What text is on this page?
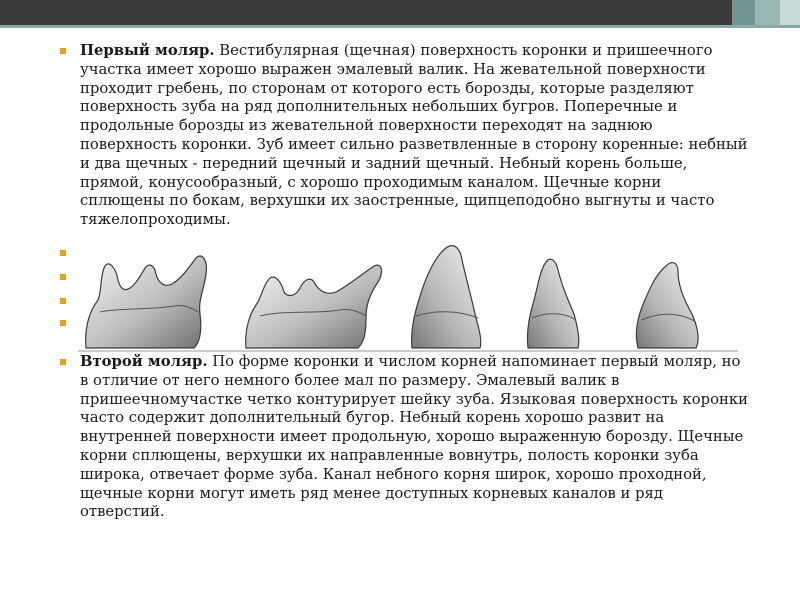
Первый моляр. Вестибулярная (щечная) поверхность коронки и пришеечного участка имеет хорошо выражен эмалевый валик. На жевательной поверхности проходит гребень, по сторонам от которого есть борозды, которые разделяют поверхность зуба на ряд дополнительных небольших бугров. Поперечные и продольные борозды из жевательной поверхности переходят на заднюю поверхность коронки. Зуб имеет сильно разветвленные в сторону коренные: небный и два щечных - передний щечный и задний щечный. Небный корень больше, прямой, конусообразный, с хорошо проходимым каналом. Щечные корни сплющены по бокам, верхушки их заостренные, щипцеподобно выгнуты и часто тяжелопроходимы.

Второй моляр. По форме коронки и числом корней напоминает первый моляр, но в отличие от него немного более мал по размеру. Эмалевый валик в пришеечномучастке четко контурирует шейку зуба. Языковая поверхность коронки часто содержит дополнительный бугор. Небный корень хорошо развит на внутренней поверхности имеет продольную, хорошо выраженную борозду. Щечные корни сплющены, верхушки их направленные вовнутрь, полость коронки зуба широка, отвечает форме зуба. Канал небного корня широк, хорошо проходной, щечные корни могут иметь ряд менее доступных корневых каналов и ряд отверстий.
